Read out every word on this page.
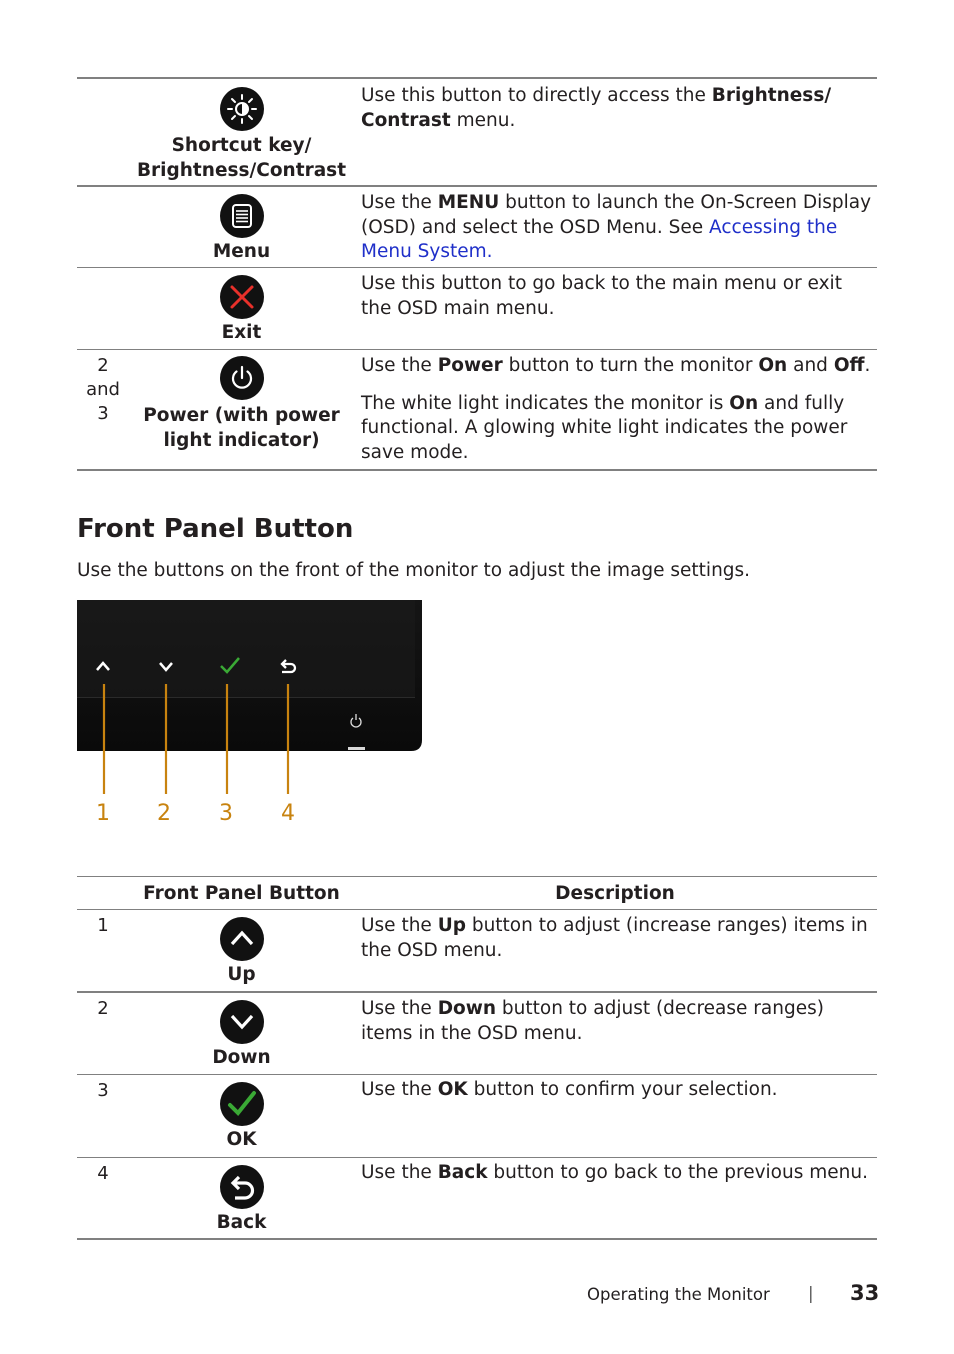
Shortcut key/
Brightness/Contrast

Use this button to directly access the Brightness/ Contrast menu.

Menu

Use the MENU button to launch the On-Screen Display (OSD) and select the OSD Menu. See Accessing the Menu System.

Exit
Use this button to go back to the main menu or exit the OSD main menu.
2
and
3	Power (with power light indicator)

Use the Power button to turn the monitor On and Off.

The white light indicates the monitor is On and fully functional. A glowing white light indicates the power save mode.

Front Panel Button

Use the buttons on the front of the monitor to adjust the image settings.

1 2 3 4
Front Panel Button	Description
1
Up

Use the Up button to adjust (increase ranges) items in the OSD menu.

2
Down

Use the Down button to adjust (decrease ranges) items in the OSD menu.

3
OK

Use the OK button to confirm your selection.

4
Back

Use the Back button to go back to the previous menu.

Operating the Monitor | 33
